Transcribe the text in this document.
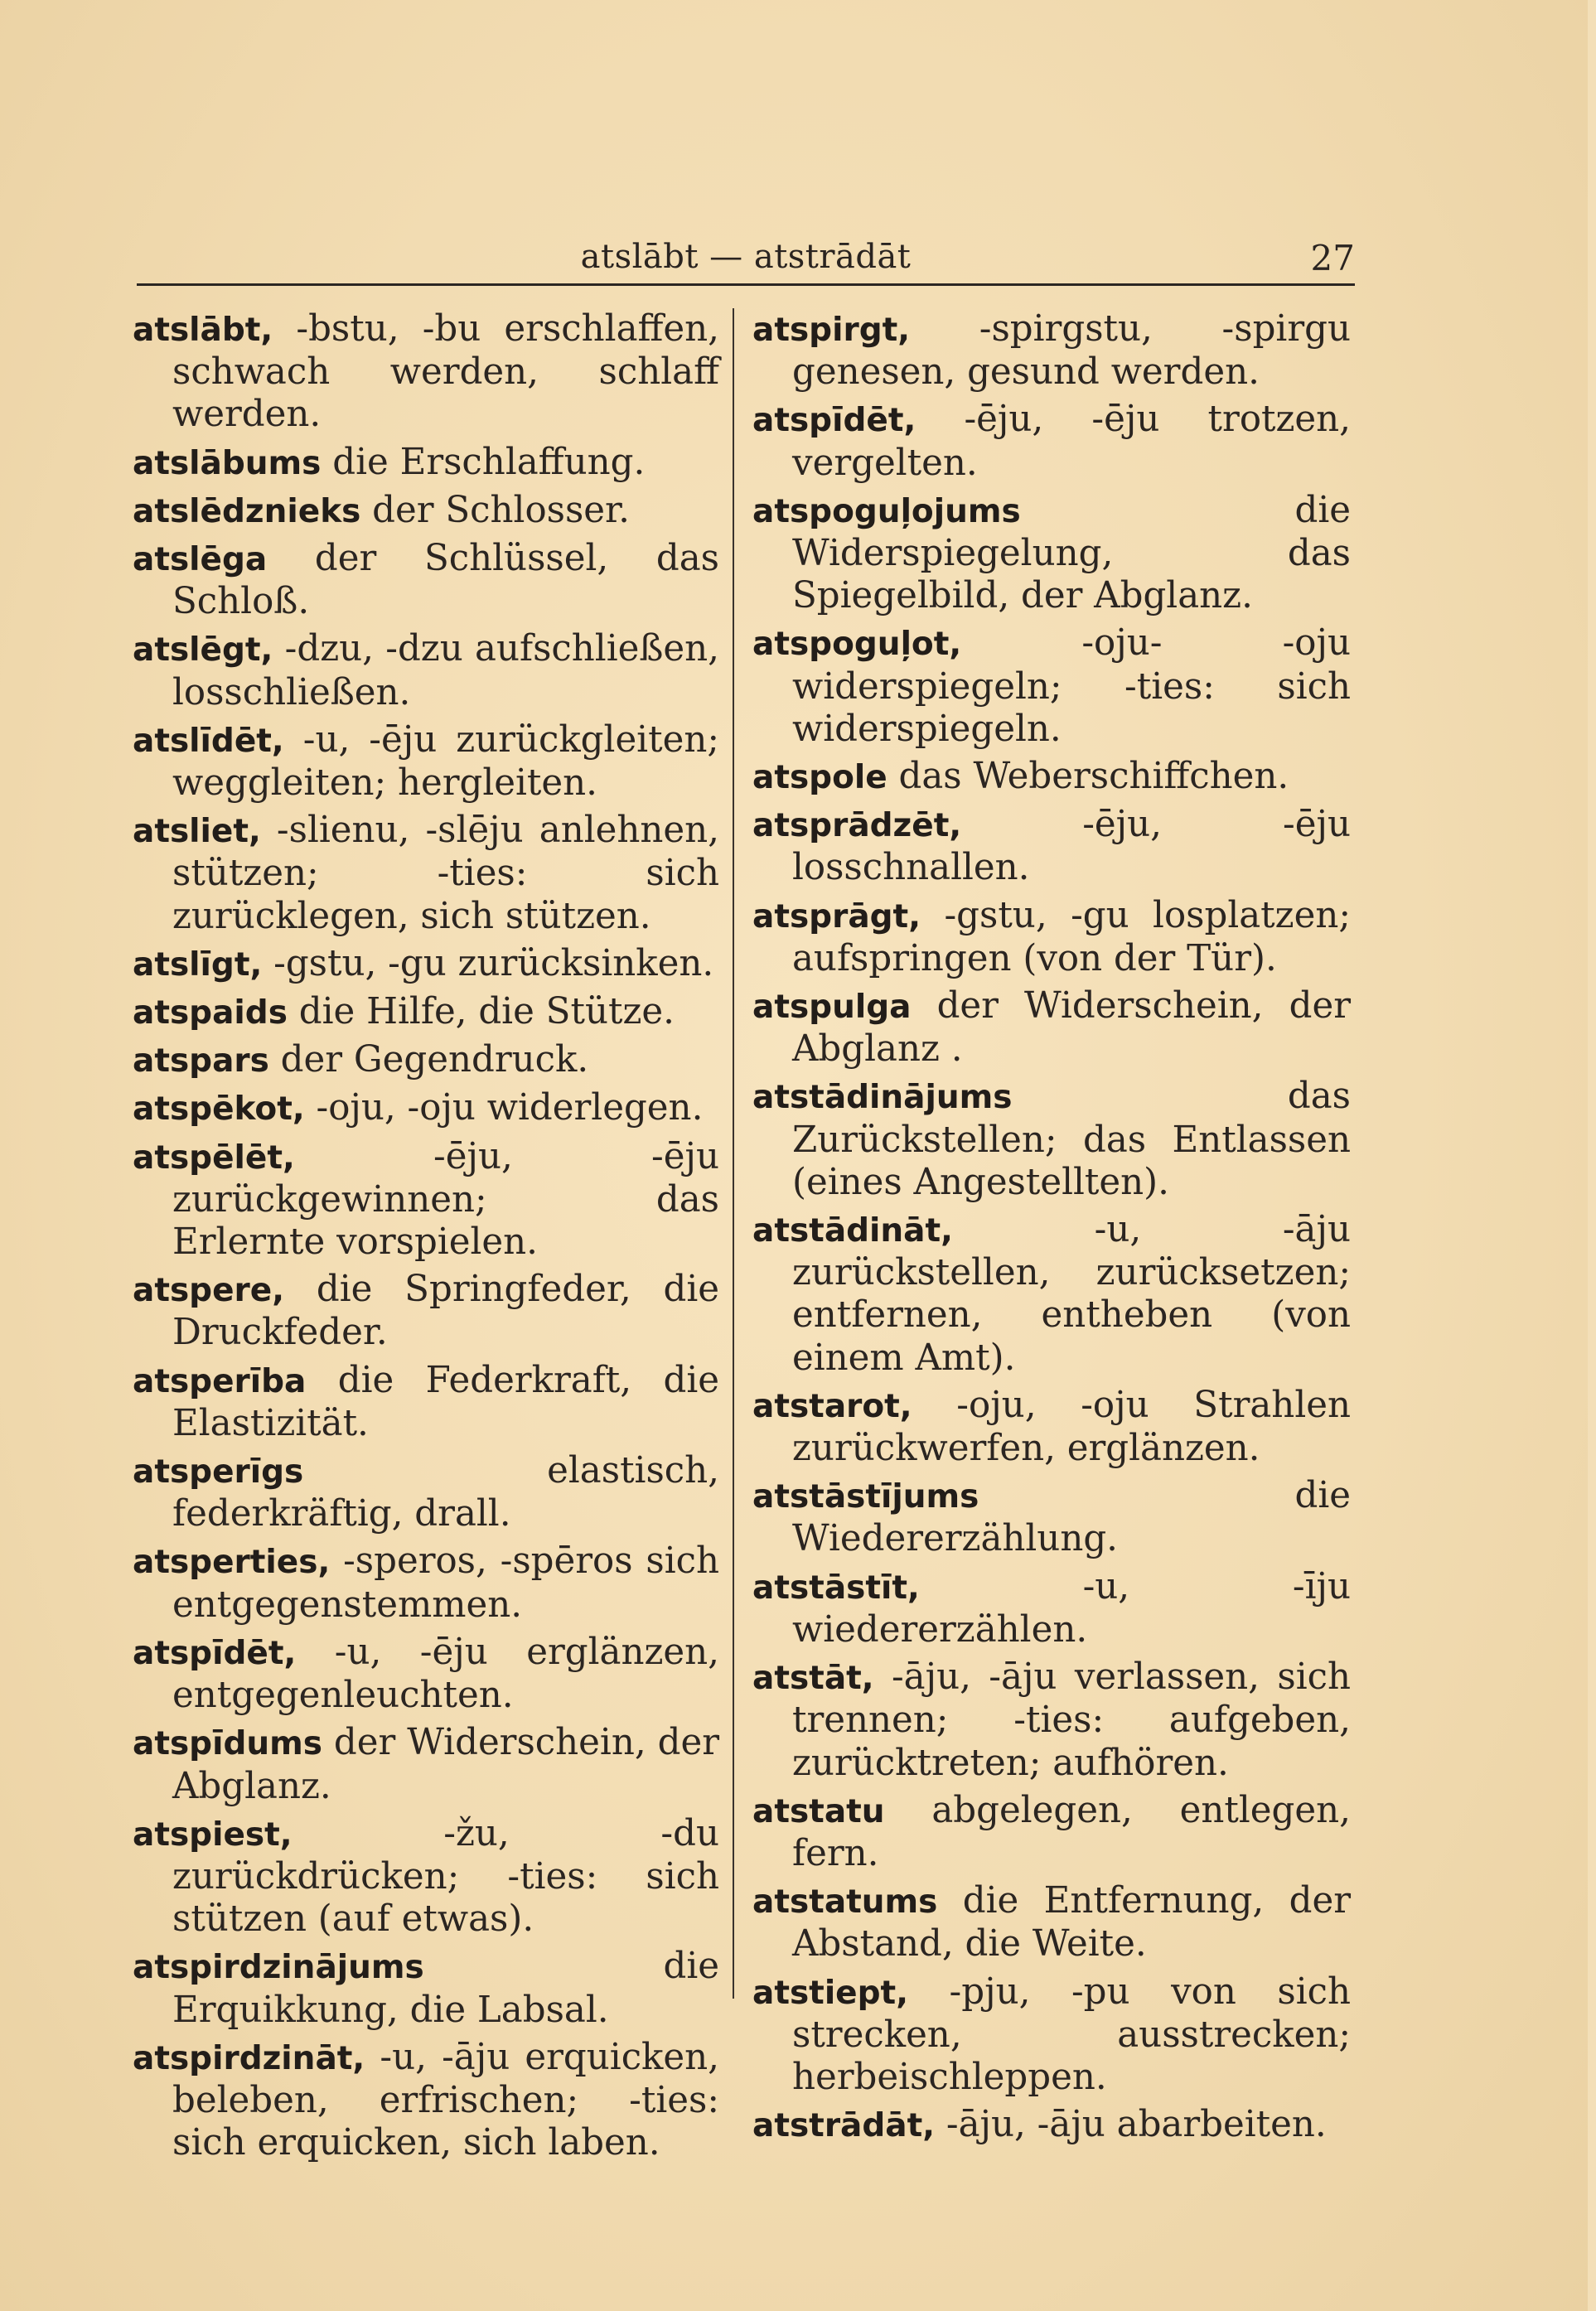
atslābt — atstrādāt	27

atslābt, -bstu, -bu erschlaffen, schwach werden, schlaff werden.

atslābums die Erschlaffung.

atslēdznieks der Schlosser.

atslēga der Schlüssel, das Schloß.

atslēgt, -dzu, -dzu aufschließen, losschließen.

atslīdēt, -u, -ēju zurückgleiten; weggleiten; hergleiten.

atsliet, -slienu, -slēju anlehnen, stützen; -ties: sich zurücklegen, sich stützen.

atslīgt, -gstu, -gu zurücksinken.

atspaids die Hilfe, die Stütze.

atspars der Gegendruck.

atspēkot, -oju, -oju widerlegen.

atspēlēt, -ēju, -ēju zurückgewinnen; das Erlernte vorspielen.

atspere, die Springfeder, die Druckfeder.

atsperība die Federkraft, die Elastizität.

atsperīgs elastisch, federkräftig, drall.

atsperties, -speros, -spēros sich entgegenstemmen.

atspīdēt, -u, -ēju erglänzen, entgegenleuchten.

atspīdums der Widerschein, der Abglanz.

atspiest, -žu, -du zurückdrücken; -ties: sich stützen (auf etwas).

atspirdzinājums die Erquikkung, die Labsal.

atspirdzināt, -u, -āju erquicken, beleben, erfrischen; -ties: sich erquicken, sich laben.

atspirgt, -spirgstu, -spirgu genesen, gesund werden.

atspīdēt, -ēju, -ēju trotzen, vergelten.

atspoguļojums die Widerspiegelung, das Spiegelbild, der Abglanz.

atspoguļot, -oju- -oju widerspiegeln; -ties: sich widerspiegeln.

atspole das Weberschiffchen.

atsprādzēt, -ēju, -ēju losschnallen.

atsprāgt, -gstu, -gu losplatzen; aufspringen (von der Tür).

atspulga der Widerschein, der Abglanz .

atstādinājums das Zurückstellen; das Entlassen (eines Angestellten).

atstādināt, -u, -āju zurückstellen, zurücksetzen; entfernen, entheben (von einem Amt).

atstarot, -oju, -oju Strahlen zurückwerfen, erglänzen.

atstāstījums die Wiedererzählung.

atstāstīt, -u, -īju wiedererzählen.

atstāt, -āju, -āju verlassen, sich trennen; -ties: aufgeben, zurücktreten; aufhören.

atstatu abgelegen, entlegen, fern.

atstatums die Entfernung, der Abstand, die Weite.

atstiept, -pju, -pu von sich strecken, ausstrecken; herbeischleppen.

atstrādāt, -āju, -āju abarbeiten.
